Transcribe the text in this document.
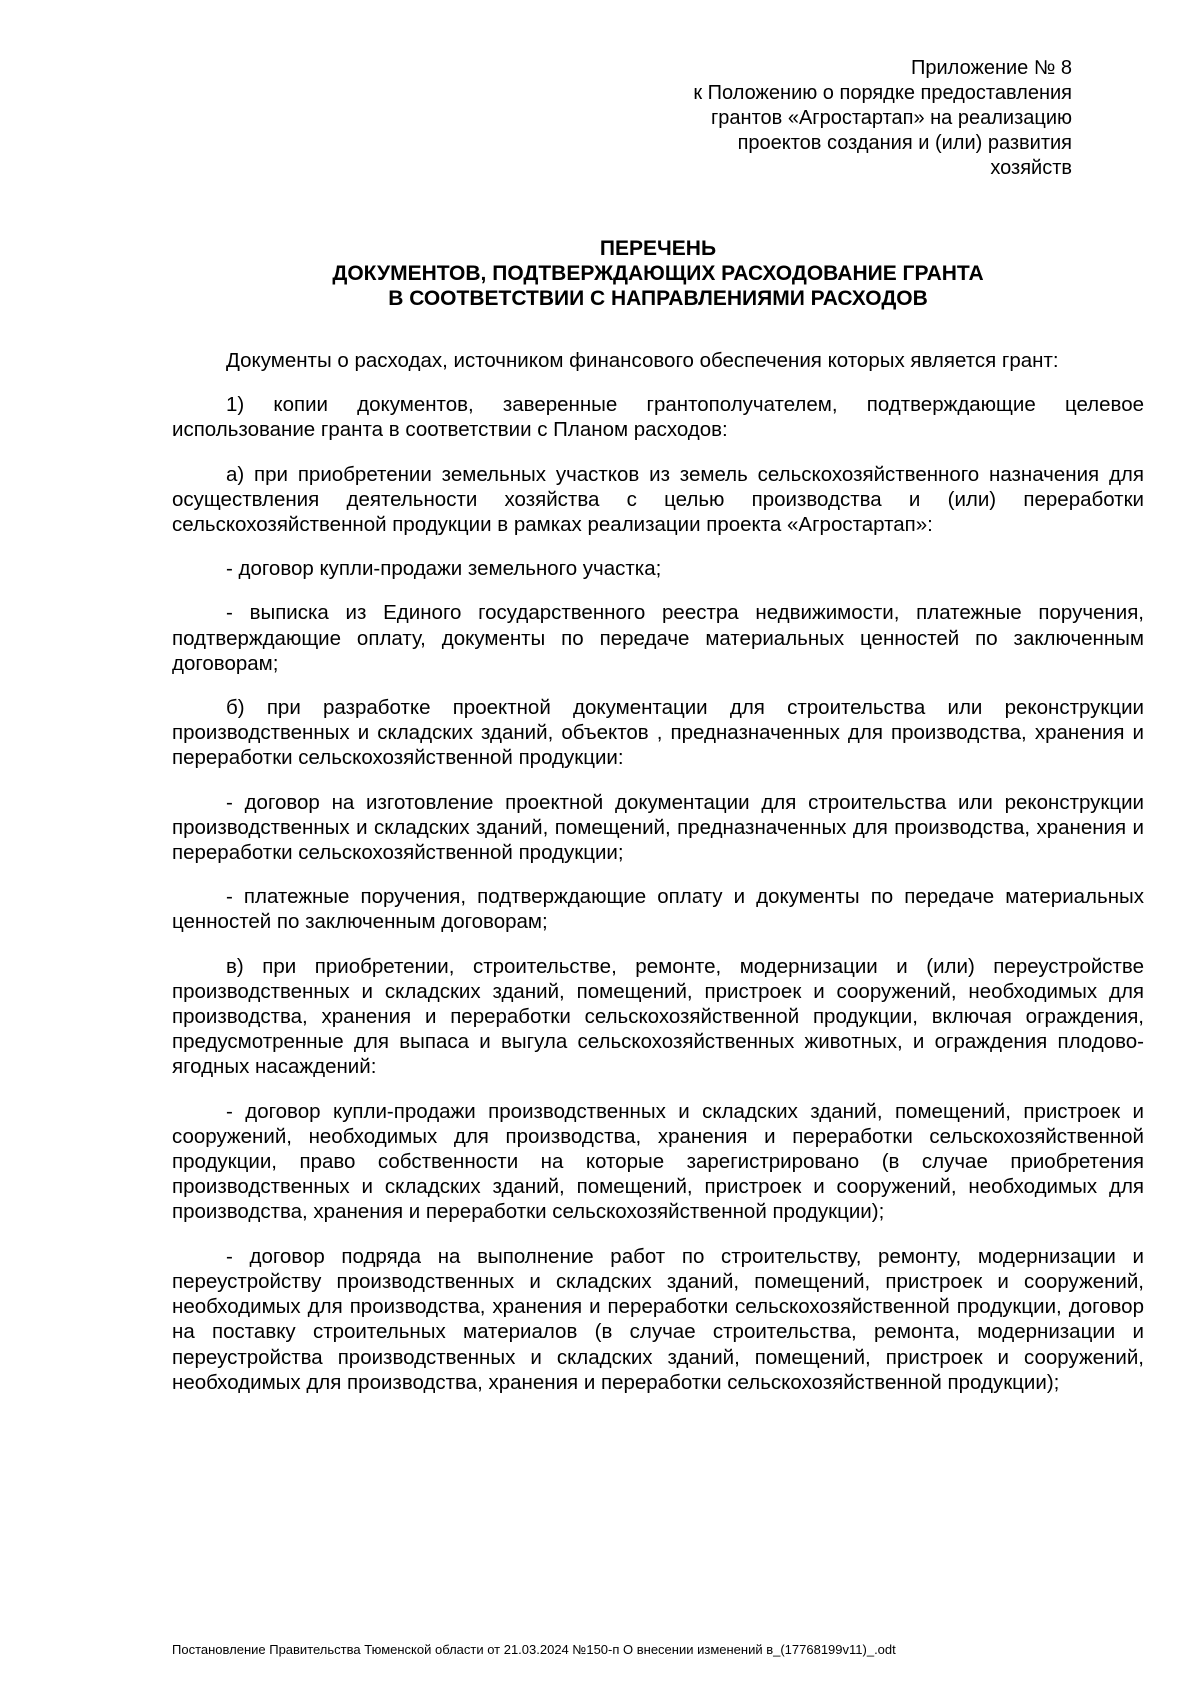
Приложение № 8
к Положению о порядке предоставления
грантов «Агростартап» на реализацию
проектов создания и (или) развития
хозяйств
ПЕРЕЧЕНЬ
ДОКУМЕНТОВ, ПОДТВЕРЖДАЮЩИХ РАСХОДОВАНИЕ ГРАНТА
В СООТВЕТСТВИИ С НАПРАВЛЕНИЯМИ РАСХОДОВ

Документы о расходах, источником финансового обеспечения которых является грант:

1) копии документов, заверенные грантополучателем, подтверждающие целевое использование гранта в соответствии с Планом расходов:

а) при приобретении земельных участков из земель сельскохозяйственного назначения для осуществления деятельности хозяйства с целью производства и (или) переработки сельскохозяйственной продукции в рамках реализации проекта «Агростартап»:

- договор купли-продажи земельного участка;

- выписка из Единого государственного реестра недвижимости, платежные поручения, подтверждающие оплату, документы по передаче материальных ценностей по заключенным договорам;

б) при разработке проектной документации для строительства или реконструкции производственных и складских зданий, объектов , предназначенных для производства, хранения и переработки сельскохозяйственной продукции:

- договор на изготовление проектной документации для строительства или реконструкции производственных и складских зданий, помещений, предназначенных для производства, хранения и переработки сельскохозяйственной продукции;

- платежные поручения, подтверждающие оплату и документы по передаче материальных ценностей по заключенным договорам;

в) при приобретении, строительстве, ремонте, модернизации и (или) переустройстве производственных и складских зданий, помещений, пристроек и сооружений, необходимых для производства, хранения и переработки сельскохозяйственной продукции, включая ограждения, предусмотренные для выпаса и выгула сельскохозяйственных животных, и ограждения плодово-ягодных насаждений:

- договор купли-продажи производственных и складских зданий, помещений, пристроек и сооружений, необходимых для производства, хранения и переработки сельскохозяйственной продукции, право собственности на которые зарегистрировано (в случае приобретения производственных и складских зданий, помещений, пристроек и сооружений, необходимых для производства, хранения и переработки сельскохозяйственной продукции);

- договор подряда на выполнение работ по строительству, ремонту, модернизации и переустройству производственных и складских зданий, помещений, пристроек и сооружений, необходимых для производства, хранения и переработки сельскохозяйственной продукции, договор на поставку строительных материалов (в случае строительства, ремонта, модернизации и переустройства производственных и складских зданий, помещений, пристроек и сооружений, необходимых для производства, хранения и переработки сельскохозяйственной продукции);

Постановление Правительства Тюменской области от 21.03.2024 №150-п О внесении изменений в_(17768199v11)_.odt
